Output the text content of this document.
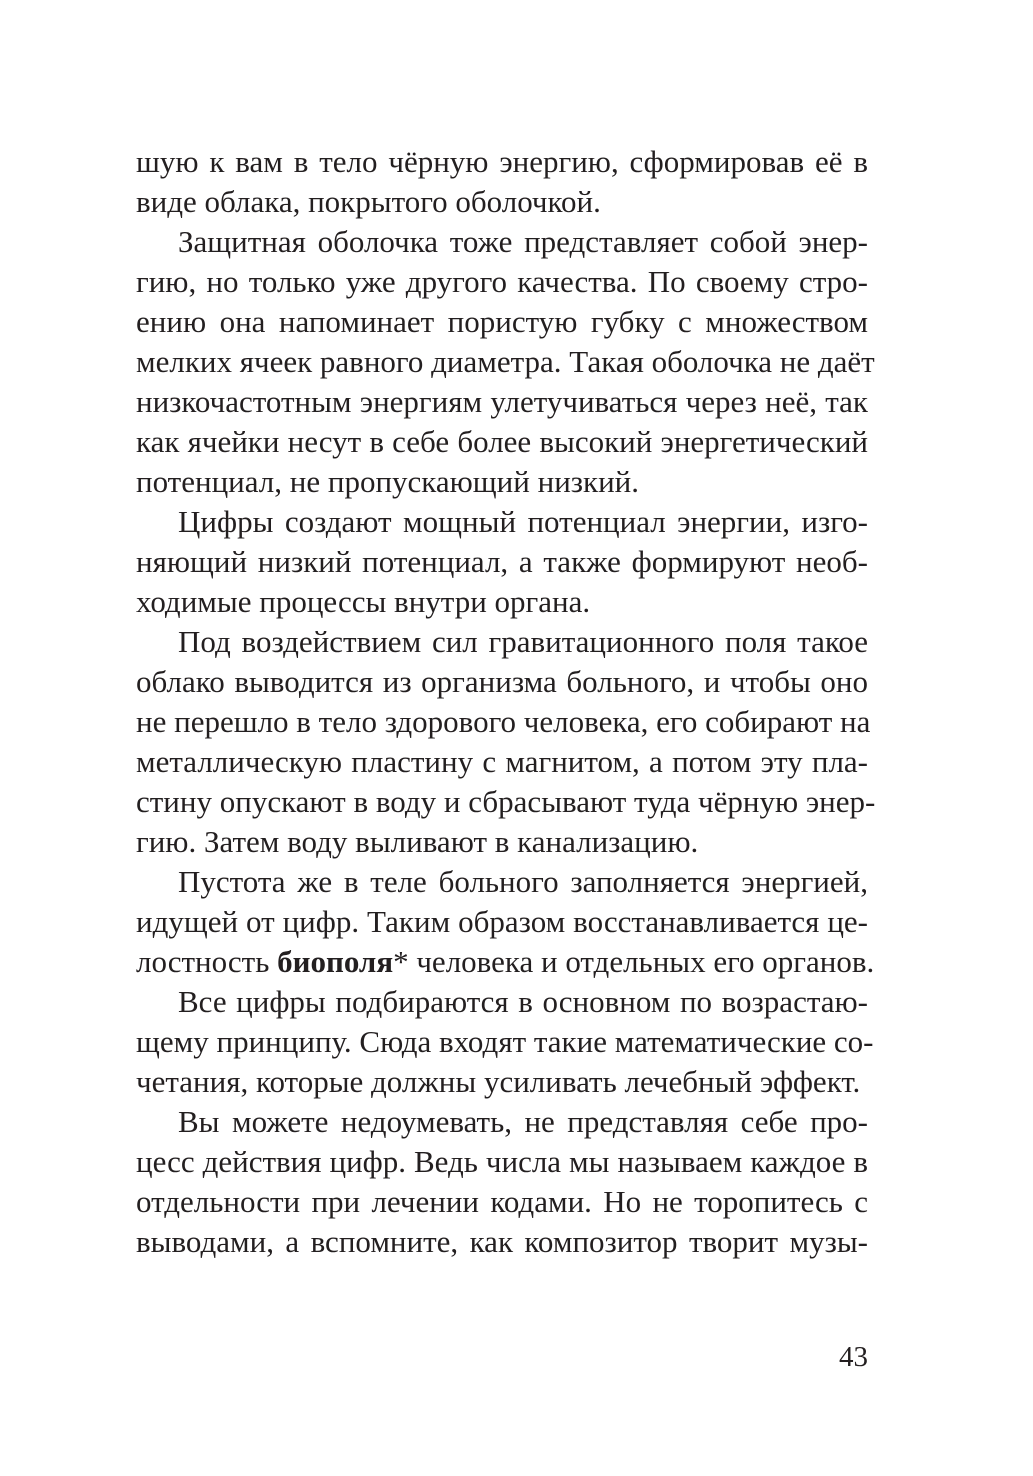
шую к вам в тело чёрную энергию, сформировав её в
виде облака, покрытого оболочкой.
Защитная оболочка тоже представляет собой энер-
гию, но только уже другого качества. По своему стро-
ению она напоминает пористую губку с множеством
мелких ячеек равного диаметра. Такая оболочка не даёт
низкочастотным энергиям улетучиваться через неё, так
как ячейки несут в себе более высокий энергетический
потенциал, не пропускающий низкий.
Цифры создают мощный потенциал энергии, изго-
няющий низкий потенциал, а также формируют необ-
ходимые процессы внутри органа.
Под воздействием сил гравитационного поля такое
облако выводится из организма больного, и чтобы оно
не перешло в тело здорового человека, его собирают на
металлическую пластину с магнитом, а потом эту пла-
стину опускают в воду и сбрасывают туда чёрную энер-
гию. Затем воду выливают в канализацию.
Пустота же в теле больного заполняется энергией,
идущей от цифр. Таким образом восстанавливается це-
лостность биополя* человека и отдельных его органов.
Все цифры подбираются в основном по возрастаю-
щему принципу. Сюда входят такие математические со-
четания, которые должны усиливать лечебный эффект.
Вы можете недоумевать, не представляя себе про-
цесс действия цифр. Ведь числа мы называем каждое в
отдельности при лечении кодами. Но не торопитесь с
выводами, а вспомните, как композитор творит музы-
43
